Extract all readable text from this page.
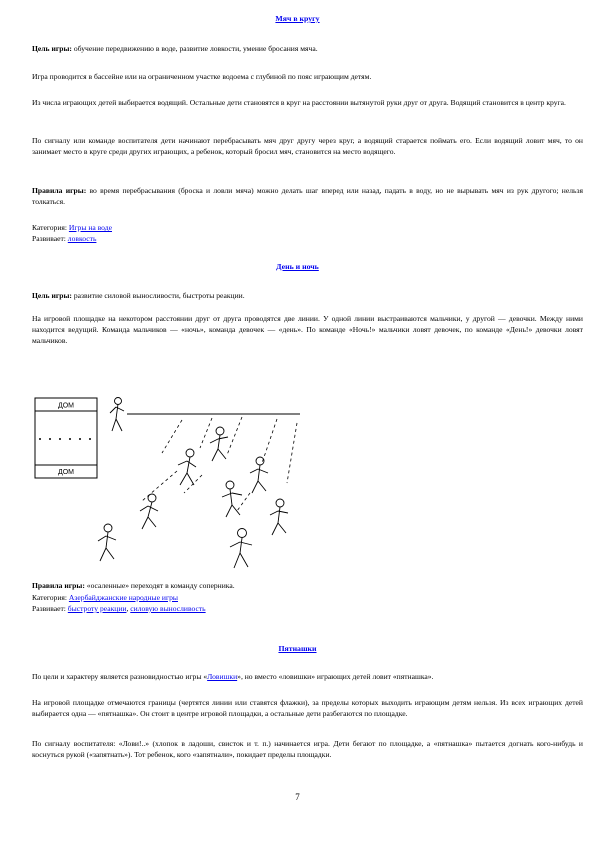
Мяч в кругу

Цель игры: обучение передвижению в воде, развитие ловкости, умение бросания мяча.

Игра проводится в бассейне или на ограниченном участке водоема с глубиной по пояс играющим детям.

Из числа играющих детей выбирается водящий. Остальные дети становятся в круг на расстоянии вытянутой руки друг от друга. Водящий становится в центр круга.

По сигналу или команде воспитателя дети начинают перебрасывать мяч друг другу через круг, а водящий старается поймать его. Если водящий ловит мяч, то он занимает место в круге среди других играющих, а ребенок, который бросил мяч, становится на место водящего.

Правила игры: во время перебрасывания (броска и ловли мяча) можно делать шаг вперед или назад, падать в воду, но не вырывать мяч из рук другого; нельзя толкаться.

Категория: Игры на воде
Развивает: ловкость

День и ночь

Цель игры: развитие силовой выносливости, быстроты реакции.

На игровой площадке на некотором расстоянии друг от друга проводятся две линии. У одной линии выстраиваются мальчики, у другой — девочки. Между ними находится ведущий. Команда мальчиков — «ночь», команда девочек — «день». По команде «Ночь!» мальчики ловят девочек, по команде «День!» девочки ловят мальчиков.

ДОМ
ДОМ

Правила игры: «осаленные» переходят в команду соперника.

Категория: Азербайджанские народные игры
Развивает: быстроту реакции, силовую выносливость

Пятнашки

По цели и характеру является разновидностью игры «Ловишки», но вместо «ловишки» играющих детей ловит «пятнашка».

На игровой площадке отмечаются границы (чертятся линии или ставятся флажки), за пределы которых выходить играющим детям нельзя. Из всех играющих детей выбирается одна — «пятнашка». Он стоит в центре игровой площадки, а остальные дети разбегаются по площадке.

По сигналу воспитателя: «Лови!..» (хлопок в ладоши, свисток и т. п.) начинается игра. Дети бегают по площадке, а «пятнашка» пытается догнать кого-нибудь и коснуться рукой («запятнать»). Тот ребенок, кого «запятнали», покидает пределы площадки.

7
